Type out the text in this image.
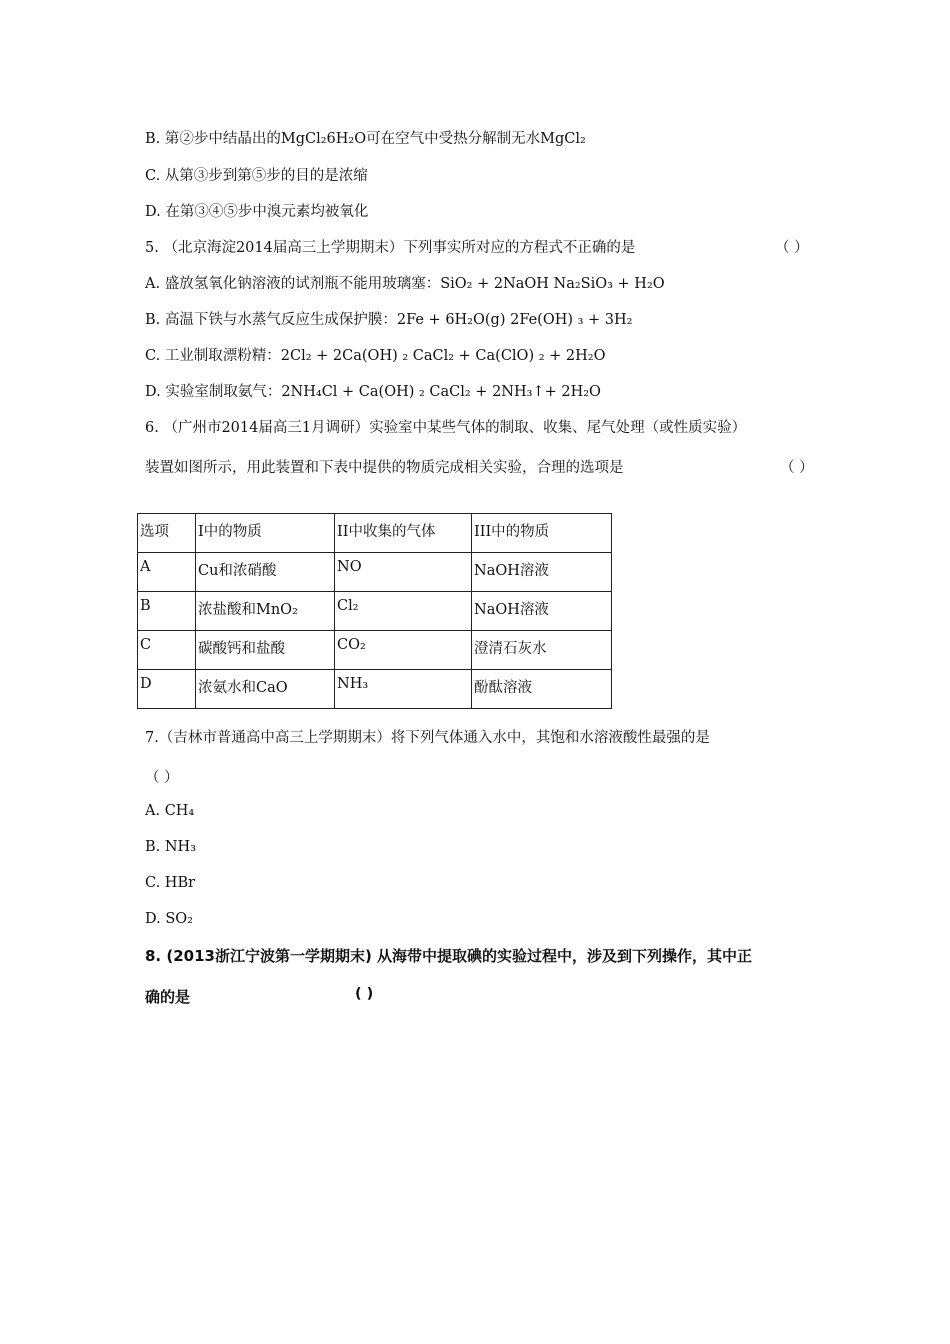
B. 第②步中结晶出的MgCl₂6H₂O可在空气中受热分解制无水MgCl₂
C. 从第③步到第⑤步的目的是浓缩
D. 在第③④⑤步中溴元素均被氧化
5. （北京海淀2014届高三上学期期末）下列事实所对应的方程式不正确的是	（ ）
A. 盛放氢氧化钠溶液的试剂瓶不能用玻璃塞：SiO₂ + 2NaOH Na₂SiO₃ + H₂O
B. 高温下铁与水蒸气反应生成保护膜：2Fe + 6H₂O(g) 2Fe(OH) ₃ + 3H₂
C. 工业制取漂粉精：2Cl₂ + 2Ca(OH) ₂ CaCl₂ + Ca(ClO) ₂ + 2H₂O
D. 实验室制取氨气：2NH₄Cl + Ca(OH) ₂ CaCl₂ + 2NH₃↑+ 2H₂O
6. （广州市2014届高三1月调研）实验室中某些气体的制取、收集、尾气处理（或性质实验）
装置如图所示，用此装置和下表中提供的物质完成相关实验，合理的选项是	（ ）
选项	I中的物质	II中收集的气体	III中的物质
A	Cu和浓硝酸	NO	NaOH溶液
B	浓盐酸和MnO₂	Cl₂	NaOH溶液
C	碳酸钙和盐酸	CO₂	澄清石灰水
D	浓氨水和CaO	NH₃	酚酞溶液
7.（吉林市普通高中高三上学期期末）将下列气体通入水中，其饱和水溶液酸性最强的是
（ ）
A. CH₄
B. NH₃
C. HBr
D. SO₂
8. (2013浙江宁波第一学期期末) 从海带中提取碘的实验过程中，涉及到下列操作，其中正
确的是	( )
